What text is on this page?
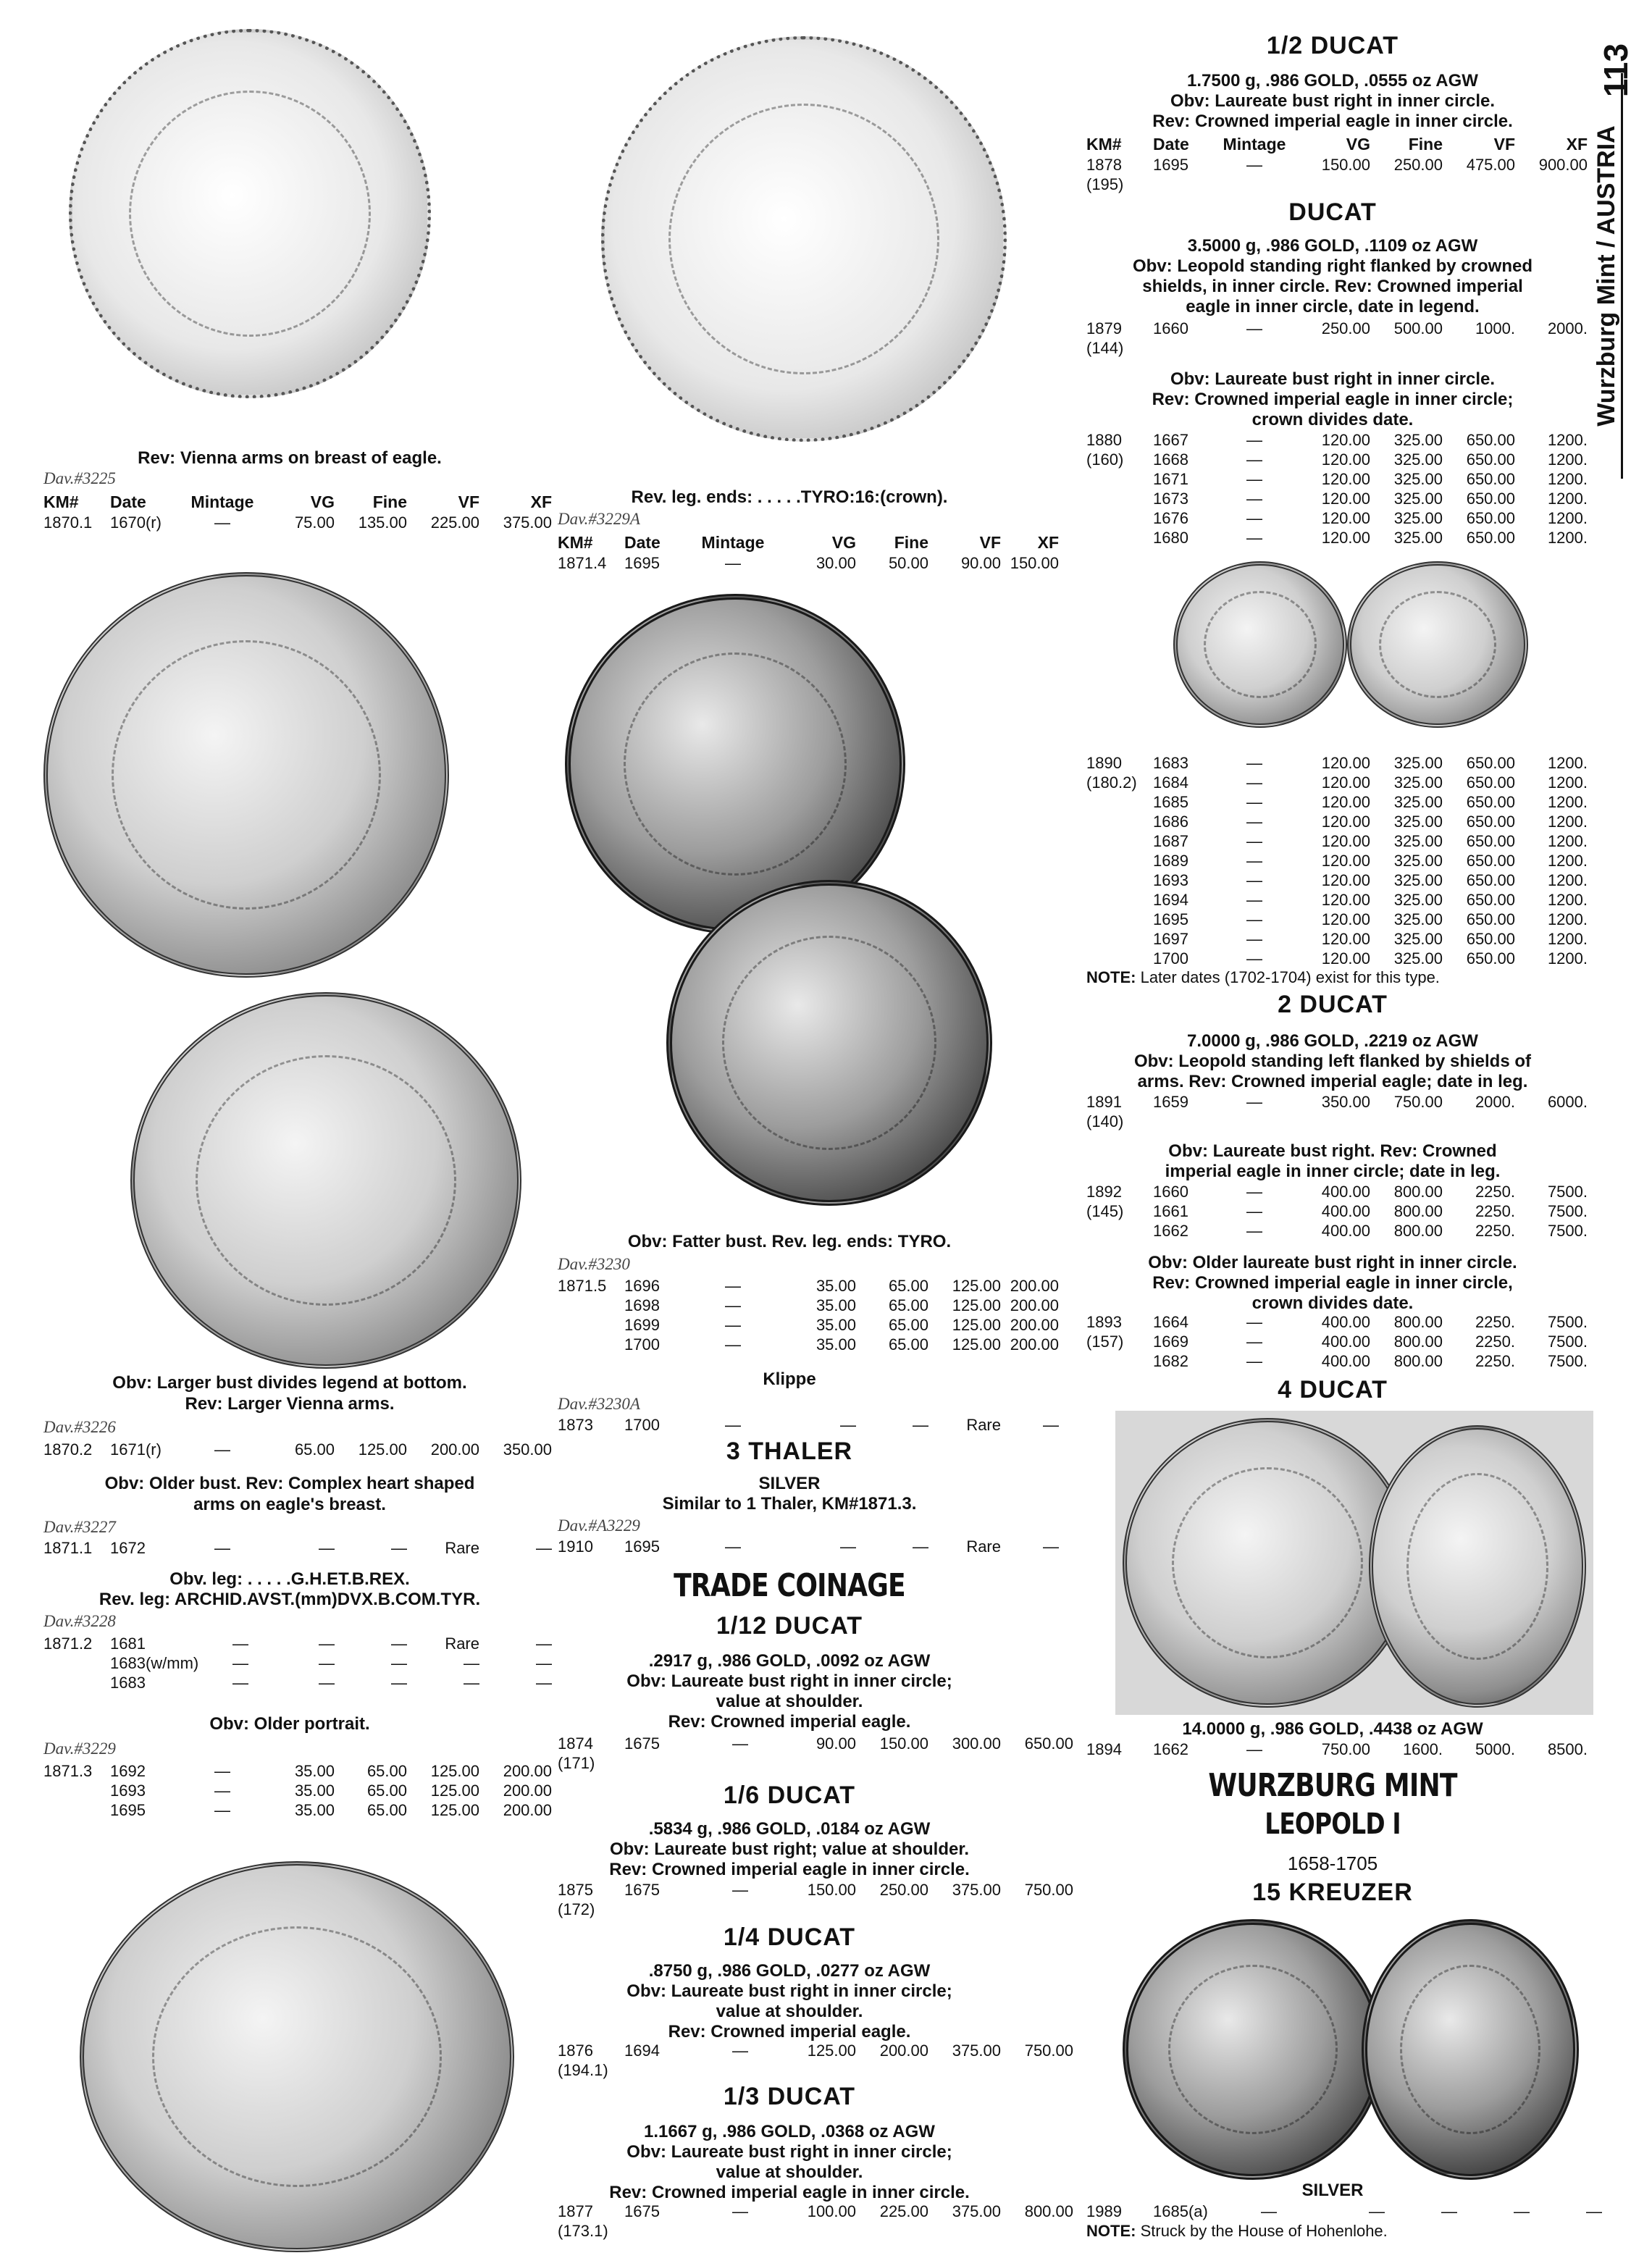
113
Wurzburg Mint / AUSTRIA
Rev: Vienna arms on breast of eagle.
Dav.#3225
KM#	Date	Mintage	VG	Fine	VF	XF
1870.1	1670(r)	—	75.00	135.00	225.00	375.00
Obv: Larger bust divides legend at bottom.
Rev: Larger Vienna arms.
Dav.#3226
1870.2	1671(r)	—	65.00	125.00	200.00	350.00
Obv: Older bust. Rev: Complex heart shaped
arms on eagle's breast.
Dav.#3227
1871.1	1672	—	—	—	Rare	—
Obv. leg: . . . . .G.H.ET.B.REX.
Rev. leg: ARCHID.AVST.(mm)DVX.B.COM.TYR.
Dav.#3228
1871.2	1681	—	—	—	Rare	—
1683(w/mm)	—	—	—	—	—
1683	—	—	—	—	—
Obv: Older portrait.
Dav.#3229
1871.3	1692	—	35.00	65.00	125.00	200.00
1693	—	35.00	65.00	125.00	200.00
1695	—	35.00	65.00	125.00	200.00
Rev. leg. ends: . . . . .TYRO:16:(crown).
Dav.#3229A
KM#	Date	Mintage	VG	Fine	VF	XF
1871.4	1695	—	30.00	50.00	90.00 150.00
Obv: Fatter bust. Rev. leg. ends: TYRO.
Dav.#3230
1871.5	1696	—	35.00	65.00	125.00 200.00
1698	—	35.00	65.00	125.00 200.00
1699	—	35.00	65.00	125.00 200.00
1700	—	35.00	65.00	125.00 200.00
Klippe
Dav.#3230A
1873	1700	—	—	—	Rare	—
3 THALER
SILVER
Similar to 1 Thaler, KM#1871.3.
Dav.#A3229
1910	1695	—	—	—	Rare	—
TRADE COINAGE
1/12 DUCAT
.2917 g, .986 GOLD, .0092 oz AGW
Obv: Laureate bust right in inner circle;
value at shoulder.
Rev: Crowned imperial eagle.
1874	1675	—	90.00	150.00	300.00	650.00
(171)
1/6 DUCAT
.5834 g, .986 GOLD, .0184 oz AGW
Obv: Laureate bust right; value at shoulder.
Rev: Crowned imperial eagle in inner circle.
1875	1675	—	150.00	250.00	375.00	750.00
(172)
1/4 DUCAT
.8750 g, .986 GOLD, .0277 oz AGW
Obv: Laureate bust right in inner circle;
value at shoulder.
Rev: Crowned imperial eagle.
1876	1694	—	125.00	200.00	375.00	750.00
(194.1)
1/3 DUCAT
1.1667 g, .986 GOLD, .0368 oz AGW
Obv: Laureate bust right in inner circle;
value at shoulder.
Rev: Crowned imperial eagle in inner circle.
1877	1675	—	100.00	225.00	375.00	800.00
(173.1)
1/2 DUCAT
1.7500 g, .986 GOLD, .0555 oz AGW
Obv: Laureate bust right in inner circle.
Rev: Crowned imperial eagle in inner circle.
KM#	Date	Mintage	VG	Fine	VF	XF
1878	1695	—	150.00	250.00	475.00	900.00
(195)
DUCAT
3.5000 g, .986 GOLD, .1109 oz AGW
Obv: Leopold standing right flanked by crowned
shields, in inner circle. Rev: Crowned imperial
eagle in inner circle, date in legend.
1879	1660	—	250.00	500.00	1000.	2000.
(144)
Obv: Laureate bust right in inner circle.
Rev: Crowned imperial eagle in inner circle;
crown divides date.
1880	1667	—	120.00	325.00	650.00	1200.
(160)	1668	—	120.00	325.00	650.00	1200.
1671	—	120.00	325.00	650.00	1200.
1673	—	120.00	325.00	650.00	1200.
1676	—	120.00	325.00	650.00	1200.
1680	—	120.00	325.00	650.00	1200.
1890	1683	—	120.00	325.00	650.00	1200.
(180.2)	1684	—	120.00	325.00	650.00	1200.
1685	—	120.00	325.00	650.00	1200.
1686	—	120.00	325.00	650.00	1200.
1687	—	120.00	325.00	650.00	1200.
1689	—	120.00	325.00	650.00	1200.
1693	—	120.00	325.00	650.00	1200.
1694	—	120.00	325.00	650.00	1200.
1695	—	120.00	325.00	650.00	1200.
1697	—	120.00	325.00	650.00	1200.
1700	—	120.00	325.00	650.00	1200.
NOTE: Later dates (1702-1704) exist for this type.
2 DUCAT
7.0000 g, .986 GOLD, .2219 oz AGW
Obv: Leopold standing left flanked by shields of
arms. Rev: Crowned imperial eagle; date in leg.
1891	1659	—	350.00	750.00	2000.	6000.
(140)
Obv: Laureate bust right. Rev: Crowned
imperial eagle in inner circle; date in leg.
1892	1660	—	400.00	800.00	2250.	7500.
(145)	1661	—	400.00	800.00	2250.	7500.
1662	—	400.00	800.00	2250.	7500.
Obv: Older laureate bust right in inner circle.
Rev: Crowned imperial eagle in inner circle,
crown divides date.
1893	1664	—	400.00	800.00	2250.	7500.
(157)	1669	—	400.00	800.00	2250.	7500.
1682	—	400.00	800.00	2250.	7500.
4 DUCAT
14.0000 g, .986 GOLD, .4438 oz AGW
1894	1662	—	750.00	1600.	5000.	8500.
WURZBURG MINT
LEOPOLD I
1658-1705
15 KREUZER
SILVER
1989	1685(a)	—	—	—	—	—
NOTE: Struck by the House of Hohenlohe.
